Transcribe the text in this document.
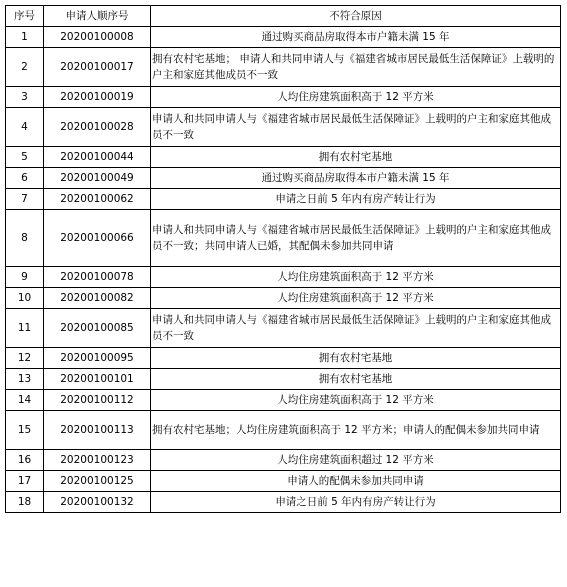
序号	申请人顺序号	不符合原因
1	20200100008	通过购买商品房取得本市户籍未满 15 年
2	20200100017	拥有农村宅基地； 申请人和共同申请人与《福建省城市居民最低生活保障证》上载明的户主和家庭其他成员不一致
3	20200100019	人均住房建筑面积高于 12 平方米
4	20200100028	申请人和共同申请人与《福建省城市居民最低生活保障证》上载明的户主和家庭其他成员不一致
5	20200100044	拥有农村宅基地
6	20200100049	通过购买商品房取得本市户籍未满 15 年
7	20200100062	申请之日前 5 年内有房产转让行为
8	20200100066	申请人和共同申请人与《福建省城市居民最低生活保障证》上载明的户主和家庭其他成员不一致；共同申请人已婚，其配偶未参加共同申请
9	20200100078	人均住房建筑面积高于 12 平方米
10	20200100082	人均住房建筑面积高于 12 平方米
11	20200100085	申请人和共同申请人与《福建省城市居民最低生活保障证》上载明的户主和家庭其他成员不一致
12	20200100095	拥有农村宅基地
13	20200100101	拥有农村宅基地
14	20200100112	人均住房建筑面积高于 12 平方米
15	20200100113	拥有农村宅基地；人均住房建筑面积高于 12 平方米；申请人的配偶未参加共同申请
16	20200100123	人均住房建筑面积超过 12 平方米
17	20200100125	申请人的配偶未参加共同申请
18	20200100132	申请之日前 5 年内有房产转让行为
